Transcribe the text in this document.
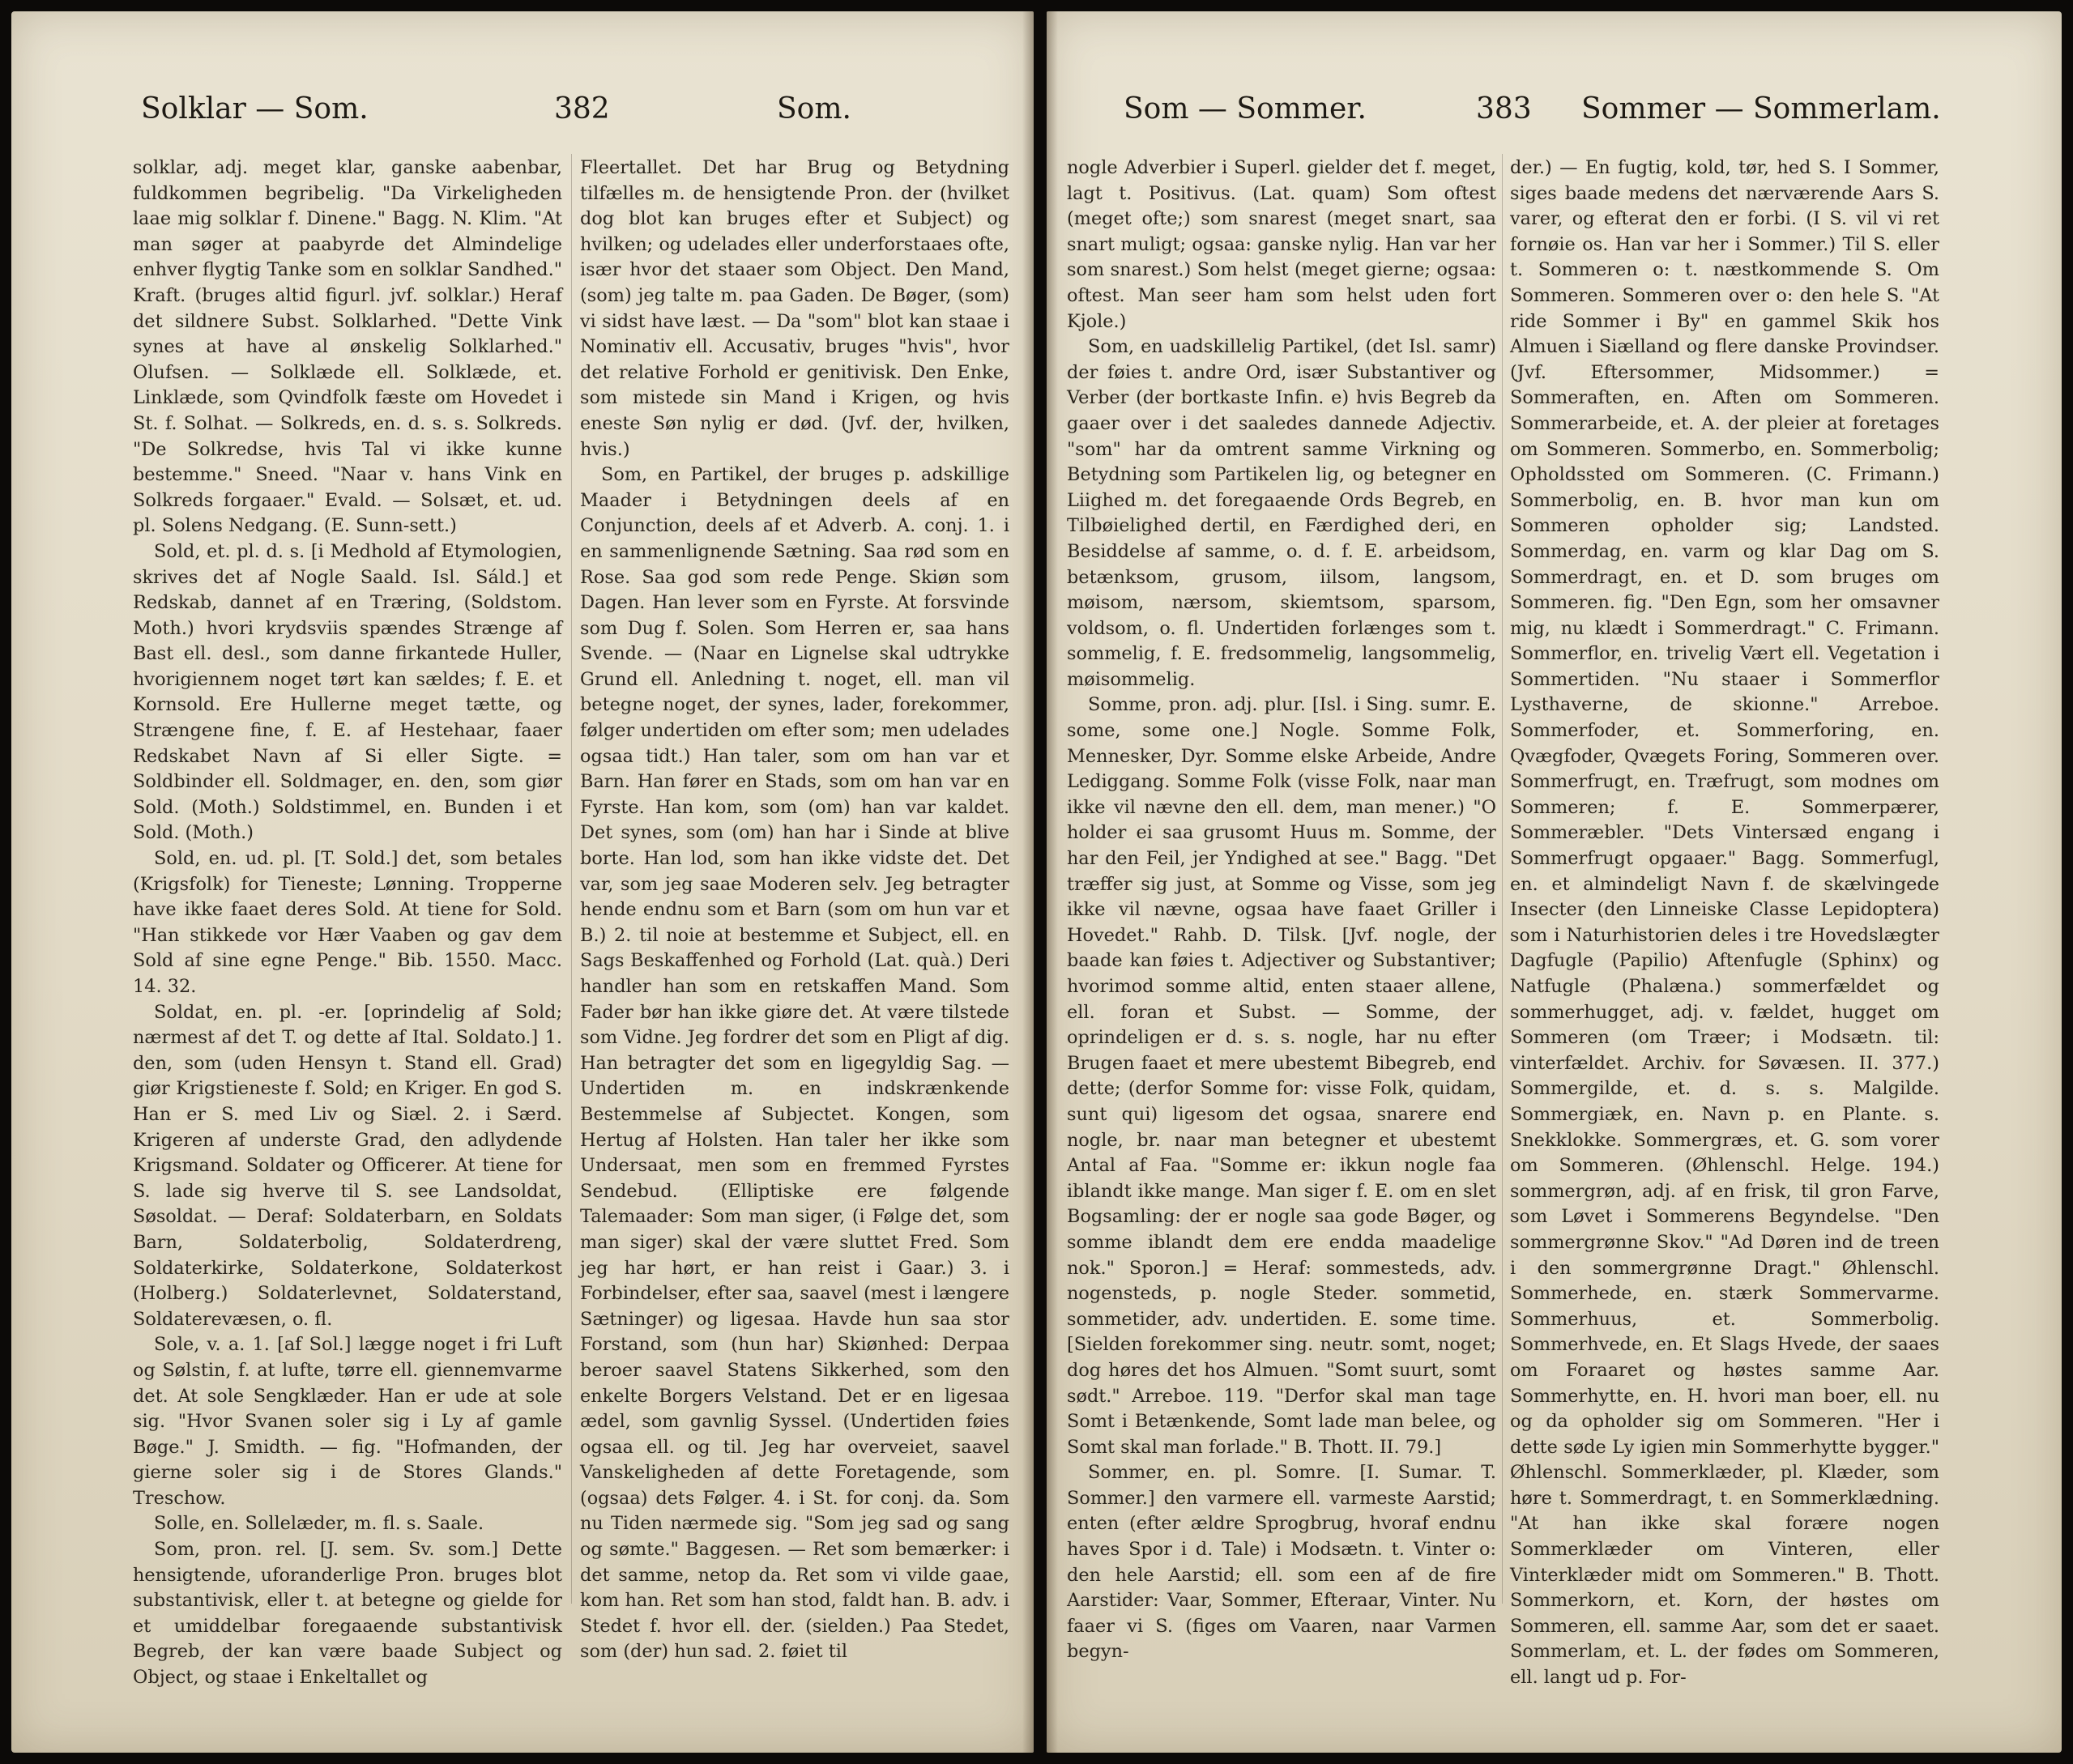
Solklar — Som.	382	Som.

solklar, adj. meget klar, ganske aabenbar, fuldkommen begribelig. "Da Virkeligheden laae mig solklar f. Dinene." Bagg. N. Klim. "At man søger at paabyrde det Almindelige enhver flygtig Tanke som en solklar Sandhed." Kraft. (bruges altid figurl. jvf. solklar.) Heraf det sildnere Subst. Solklarhed. "Dette Vink synes at have al ønskelig Solklarhed." Olufsen. — Solklæde ell. Solklæde, et. Linklæde, som Qvindfolk fæste om Hovedet i St. f. Solhat. — Solkreds, en. d. s. s. Solkreds. "De Solkredse, hvis Tal vi ikke kunne bestemme." Sneed. "Naar v. hans Vink en Solkreds forgaaer." Evald. — Solsæt, et. ud. pl. Solens Nedgang. (E. Sunn-sett.)

Sold, et. pl. d. s. [i Medhold af Etymologien, skrives det af Nogle Saald. Isl. Sáld.] et Redskab, dannet af en Træring, (Soldstom. Moth.) hvori krydsviis spændes Strænge af Bast ell. desl., som danne firkantede Huller, hvorigiennem noget tørt kan sældes; f. E. et Kornsold. Ere Hullerne meget tætte, og Strængene fine, f. E. af Hestehaar, faaer Redskabet Navn af Si eller Sigte. = Soldbinder ell. Soldmager, en. den, som giør Sold. (Moth.) Soldstimmel, en. Bunden i et Sold. (Moth.)

Sold, en. ud. pl. [T. Sold.] det, som betales (Krigsfolk) for Tieneste; Lønning. Tropperne have ikke faaet deres Sold. At tiene for Sold. "Han stikkede vor Hær Vaaben og gav dem Sold af sine egne Penge." Bib. 1550. Macc. 14. 32.

Soldat, en. pl. -er. [oprindelig af Sold; nærmest af det T. og dette af Ital. Soldato.] 1. den, som (uden Hensyn t. Stand ell. Grad) giør Krigstieneste f. Sold; en Kriger. En god S. Han er S. med Liv og Siæl. 2. i Særd. Krigeren af underste Grad, den adlydende Krigsmand. Soldater og Officerer. At tiene for S. lade sig hverve til S. see Landsoldat, Søsoldat. — Deraf: Soldaterbarn, en Soldats Barn, Soldaterbolig, Soldaterdreng, Soldaterkirke, Soldaterkone, Soldaterkost (Holberg.) Soldaterlevnet, Soldaterstand, Soldaterevæsen, o. fl.

Sole, v. a. 1. [af Sol.] lægge noget i fri Luft og Sølstin, f. at lufte, tørre ell. giennemvarme det. At sole Sengklæder. Han er ude at sole sig. "Hvor Svanen soler sig i Ly af gamle Bøge." J. Smidth. — fig. "Hofmanden, der gierne soler sig i de Stores Glands." Treschow.

Solle, en. Sollelæder, m. fl. s. Saale.

Som, pron. rel. [J. sem. Sv. som.] Dette hensigtende, uforanderlige Pron. bruges blot substantivisk, eller t. at betegne og gielde for et umiddelbar foregaaende substantivisk Begreb, der kan være baade Subject og Object, og staae i Enkeltallet og

Fleertallet. Det har Brug og Betydning tilfælles m. de hensigtende Pron. der (hvilket dog blot kan bruges efter et Subject) og hvilken; og udelades eller underforstaaes ofte, især hvor det staaer som Object. Den Mand, (som) jeg talte m. paa Gaden. De Bøger, (som) vi sidst have læst. — Da "som" blot kan staae i Nominativ ell. Accusativ, bruges "hvis", hvor det relative Forhold er genitivisk. Den Enke, som mistede sin Mand i Krigen, og hvis eneste Søn nylig er død. (Jvf. der, hvilken, hvis.)

Som, en Partikel, der bruges p. adskillige Maader i Betydningen deels af en Conjunction, deels af et Adverb. A. conj. 1. i en sammenlignende Sætning. Saa rød som en Rose. Saa god som rede Penge. Skiøn som Dagen. Han lever som en Fyrste. At forsvinde som Dug f. Solen. Som Herren er, saa hans Svende. — (Naar en Lignelse skal udtrykke Grund ell. Anledning t. noget, ell. man vil betegne noget, der synes, lader, forekommer, følger undertiden om efter som; men udelades ogsaa tidt.) Han taler, som om han var et Barn. Han fører en Stads, som om han var en Fyrste. Han kom, som (om) han var kaldet. Det synes, som (om) han har i Sinde at blive borte. Han lod, som han ikke vidste det. Det var, som jeg saae Moderen selv. Jeg betragter hende endnu som et Barn (som om hun var et B.) 2. til noie at bestemme et Subject, ell. en Sags Beskaffenhed og Forhold (Lat. quà.) Deri handler han som en retskaffen Mand. Som Fader bør han ikke giøre det. At være tilstede som Vidne. Jeg fordrer det som en Pligt af dig. Han betragter det som en ligegyldig Sag. — Undertiden m. en indskrænkende Bestemmelse af Subjectet. Kongen, som Hertug af Holsten. Han taler her ikke som Undersaat, men som en fremmed Fyrstes Sendebud. (Elliptiske ere følgende Talemaader: Som man siger, (i Følge det, som man siger) skal der være sluttet Fred. Som jeg har hørt, er han reist i Gaar.) 3. i Forbindelser, efter saa, saavel (mest i længere Sætninger) og ligesaa. Havde hun saa stor Forstand, som (hun har) Skiønhed: Derpaa beroer saavel Statens Sikkerhed, som den enkelte Borgers Velstand. Det er en ligesaa ædel, som gavnlig Syssel. (Undertiden føies ogsaa ell. og til. Jeg har overveiet, saavel Vanskeligheden af dette Foretagende, som (ogsaa) dets Følger. 4. i St. for conj. da. Som nu Tiden nærmede sig. "Som jeg sad og sang og sømte." Baggesen. — Ret som bemærker: i det samme, netop da. Ret som vi vilde gaae, kom han. Ret som han stod, faldt han. B. adv. i Stedet f. hvor ell. der. (sielden.) Paa Stedet, som (der) hun sad. 2. føiet til

Som — Sommer.	383 Sommer — Sommerlam.

nogle Adverbier i Superl. gielder det f. meget, lagt t. Positivus. (Lat. quam) Som oftest (meget ofte;) som snarest (meget snart, saa snart muligt; ogsaa: ganske nylig. Han var her som snarest.) Som helst (meget gierne; ogsaa: oftest. Man seer ham som helst uden fort Kjole.)

Som, en uadskillelig Partikel, (det Isl. samr) der føies t. andre Ord, især Substantiver og Verber (der bortkaste Infin. e) hvis Begreb da gaaer over i det saaledes dannede Adjectiv. "som" har da omtrent samme Virkning og Betydning som Partikelen lig, og betegner en Liighed m. det foregaaende Ords Begreb, en Tilbøielighed dertil, en Færdighed deri, en Besiddelse af samme, o. d. f. E. arbeidsom, betænksom, grusom, iilsom, langsom, møisom, nærsom, skiemtsom, sparsom, voldsom, o. fl. Undertiden forlænges som t. sommelig, f. E. fredsommelig, langsommelig, møisommelig.

Somme, pron. adj. plur. [Isl. i Sing. sumr. E. some, some one.] Nogle. Somme Folk, Mennesker, Dyr. Somme elske Arbeide, Andre Lediggang. Somme Folk (visse Folk, naar man ikke vil nævne den ell. dem, man mener.) "O holder ei saa grusomt Huus m. Somme, der har den Feil, jer Yndighed at see." Bagg. "Det træffer sig just, at Somme og Visse, som jeg ikke vil nævne, ogsaa have faaet Griller i Hovedet." Rahb. D. Tilsk. [Jvf. nogle, der baade kan føies t. Adjectiver og Substantiver; hvorimod somme altid, enten staaer allene, ell. foran et Subst. — Somme, der oprindeligen er d. s. s. nogle, har nu efter Brugen faaet et mere ubestemt Bibegreb, end dette; (derfor Somme for: visse Folk, quidam, sunt qui) ligesom det ogsaa, snarere end nogle, br. naar man betegner et ubestemt Antal af Faa. "Somme er: ikkun nogle faa iblandt ikke mange. Man siger f. E. om en slet Bogsamling: der er nogle saa gode Bøger, og somme iblandt dem ere endda maadelige nok." Sporon.] = Heraf: sommesteds, adv. nogensteds, p. nogle Steder. sommetid, sommetider, adv. undertiden. E. some time. [Sielden forekommer sing. neutr. somt, noget; dog høres det hos Almuen. "Somt suurt, somt sødt." Arreboe. 119. "Derfor skal man tage Somt i Betænkende, Somt lade man belee, og Somt skal man forlade." B. Thott. II. 79.]

Sommer, en. pl. Somre. [I. Sumar. T. Sommer.] den varmere ell. varmeste Aarstid; enten (efter ældre Sprogbrug, hvoraf endnu haves Spor i d. Tale) i Modsætn. t. Vinter o: den hele Aarstid; ell. som een af de fire Aarstider: Vaar, Sommer, Efteraar, Vinter. Nu faaer vi S. (figes om Vaaren, naar Varmen begyn-

der.) — En fugtig, kold, tør, hed S. I Sommer, siges baade medens det nærværende Aars S. varer, og efterat den er forbi. (I S. vil vi ret fornøie os. Han var her i Sommer.) Til S. eller t. Sommeren o: t. næstkommende S. Om Sommeren. Sommeren over o: den hele S. "At ride Sommer i By" en gammel Skik hos Almuen i Siælland og flere danske Provindser. (Jvf. Eftersommer, Midsommer.) = Sommeraften, en. Aften om Sommeren. Sommerarbeide, et. A. der pleier at foretages om Sommeren. Sommerbo, en. Sommerbolig; Opholdssted om Sommeren. (C. Frimann.) Sommerbolig, en. B. hvor man kun om Sommeren opholder sig; Landsted. Sommerdag, en. varm og klar Dag om S. Sommerdragt, en. et D. som bruges om Sommeren. fig. "Den Egn, som her omsavner mig, nu klædt i Sommerdragt." C. Frimann. Sommerflor, en. trivelig Vært ell. Vegetation i Sommertiden. "Nu staaer i Sommerflor Lysthaverne, de skionne." Arreboe. Sommerfoder, et. Sommerforing, en. Qvægfoder, Qvægets Foring, Sommeren over. Sommerfrugt, en. Træfrugt, som modnes om Sommeren; f. E. Sommerpærer, Sommeræbler. "Dets Vintersæd engang i Sommerfrugt opgaaer." Bagg. Sommerfugl, en. et almindeligt Navn f. de skælvingede Insecter (den Linneiske Classe Lepidoptera) som i Naturhistorien deles i tre Hovedslægter Dagfugle (Papilio) Aftenfugle (Sphinx) og Natfugle (Phalæna.) sommerfældet og sommerhugget, adj. v. fældet, hugget om Sommeren (om Træer; i Modsætn. til: vinterfældet. Archiv. for Søvæsen. II. 377.) Sommergilde, et. d. s. s. Malgilde. Sommergiæk, en. Navn p. en Plante. s. Snekklokke. Sommergræs, et. G. som vorer om Sommeren. (Øhlenschl. Helge. 194.) sommergrøn, adj. af en frisk, til gron Farve, som Løvet i Sommerens Begyndelse. "Den sommergrønne Skov." "Ad Døren ind de treen i den sommergrønne Dragt." Øhlenschl. Sommerhede, en. stærk Sommervarme. Sommerhuus, et. Sommerbolig. Sommerhvede, en. Et Slags Hvede, der saaes om Foraaret og høstes samme Aar. Sommerhytte, en. H. hvori man boer, ell. nu og da opholder sig om Sommeren. "Her i dette søde Ly igien min Sommerhytte bygger." Øhlenschl. Sommerklæder, pl. Klæder, som høre t. Sommerdragt, t. en Sommerklædning. "At han ikke skal forære nogen Sommerklæder om Vinteren, eller Vinterklæder midt om Sommeren." B. Thott. Sommerkorn, et. Korn, der høstes om Sommeren, ell. samme Aar, som det er saaet. Sommerlam, et. L. der fødes om Sommeren, ell. langt ud p. For-
